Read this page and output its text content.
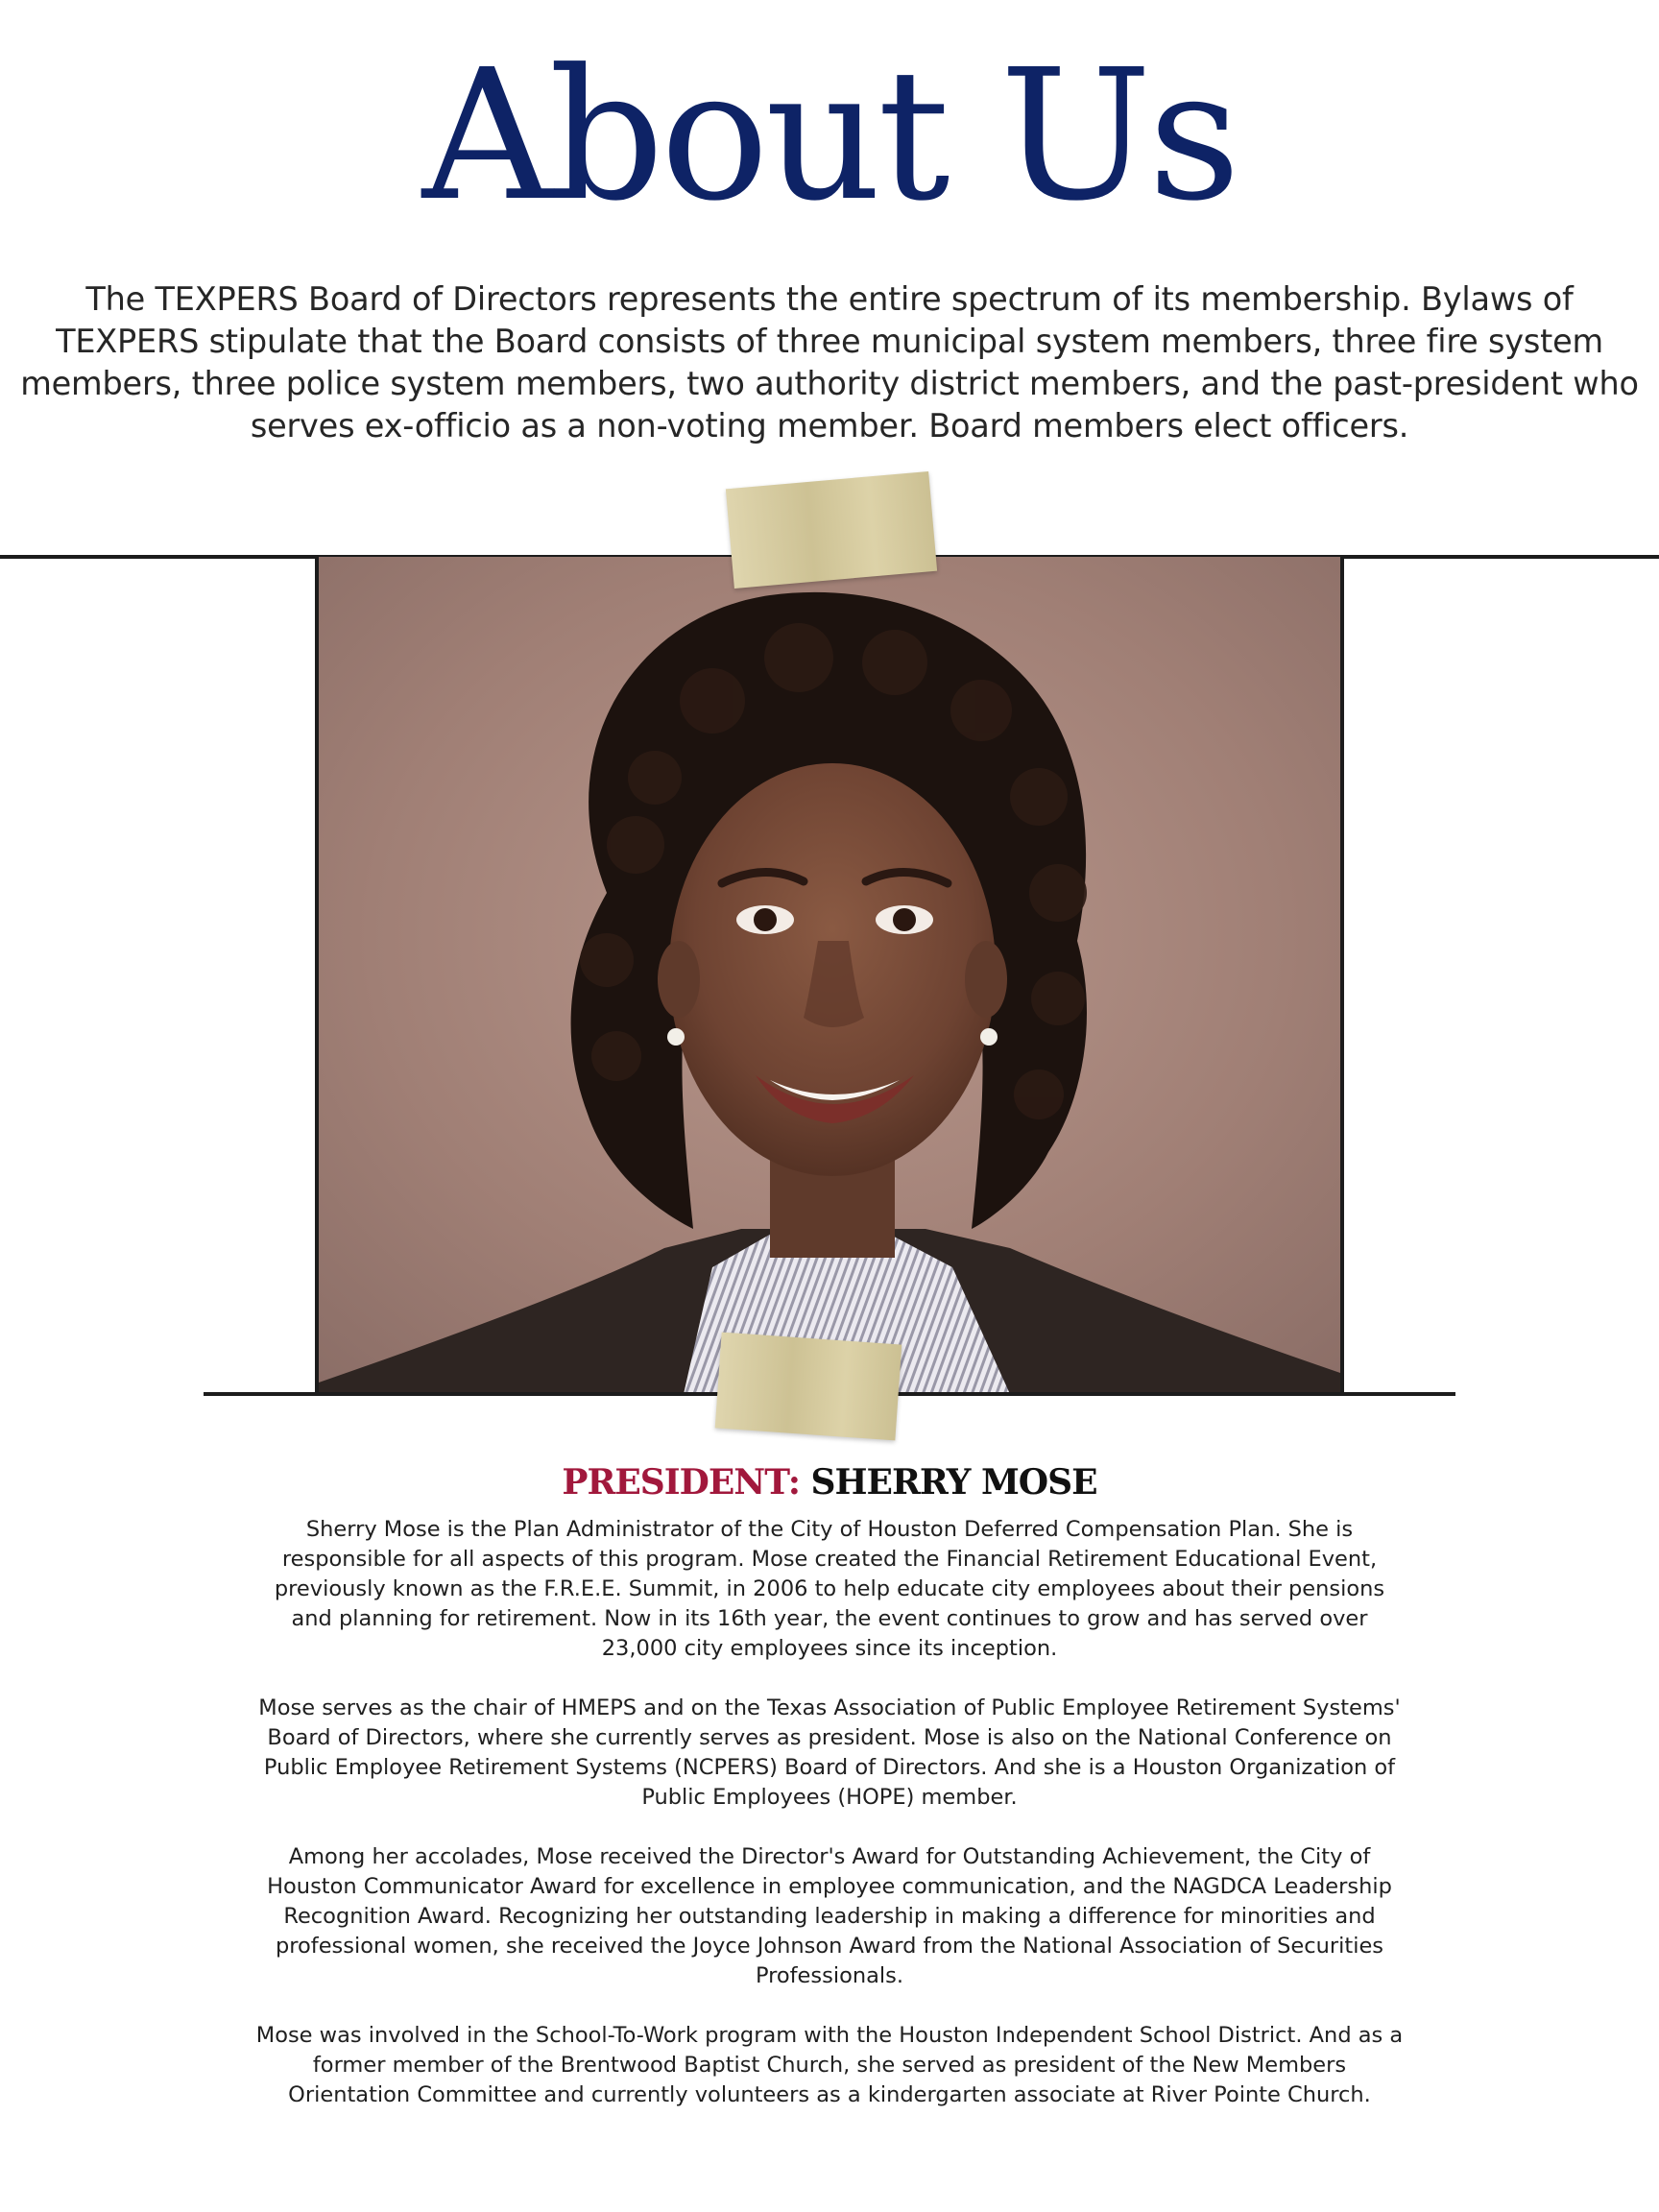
About Us

The TEXPERS Board of Directors represents the entire spectrum of its membership. Bylaws of TEXPERS stipulate that the Board consists of three municipal system members, three fire system members, three police system members, two authority district members, and the past-president who serves ex-officio as a non-voting member. Board members elect officers.

PRESIDENT: SHERRY MOSE

Sherry Mose is the Plan Administrator of the City of Houston Deferred Compensation Plan. She is responsible for all aspects of this program. Mose created the Financial Retirement Educational Event, previously known as the F.R.E.E. Summit, in 2006 to help educate city employees about their pensions and planning for retirement. Now in its 16th year, the event continues to grow and has served over 23,000 city employees since its inception.

Mose serves as the chair of HMEPS and on the Texas Association of Public Employee Retirement Systems' Board of Directors, where she currently serves as president. Mose is also on the National Conference on Public Employee Retirement Systems (NCPERS) Board of Directors. And she is a Houston Organization of Public Employees (HOPE) member.

Among her accolades, Mose received the Director's Award for Outstanding Achievement, the City of Houston Communicator Award for excellence in employee communication, and the NAGDCA Leadership Recognition Award. Recognizing her outstanding leadership in making a difference for minorities and professional women, she received the Joyce Johnson Award from the National Association of Securities Professionals.

Mose was involved in the School-To-Work program with the Houston Independent School District. And as a former member of the Brentwood Baptist Church, she served as president of the New Members Orientation Committee and currently volunteers as a kindergarten associate at River Pointe Church.
